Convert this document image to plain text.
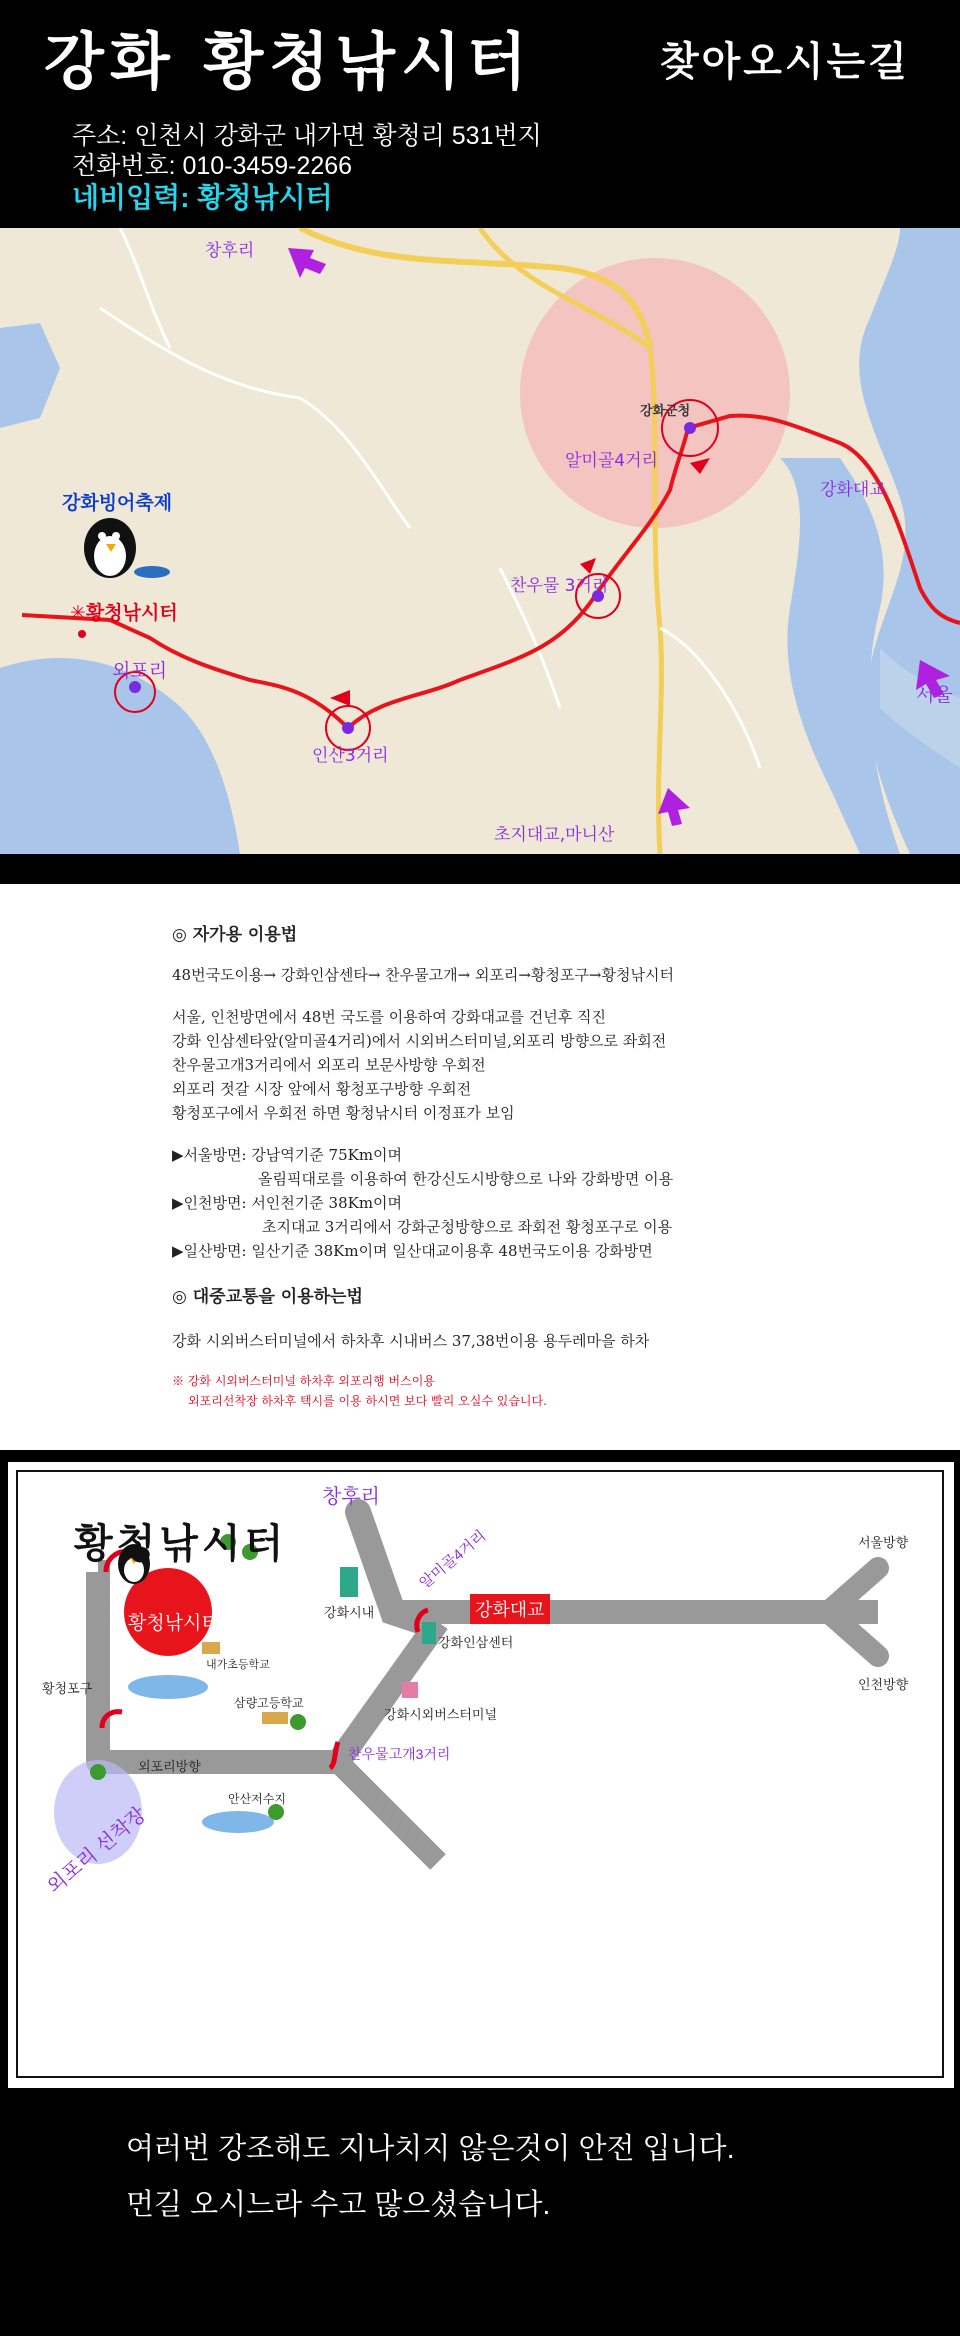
강화 황청낚시터	찾아오시는길
주소: 인천시 강화군 내가면 황청리 531번지
전화번호: 010-3459-2266
네비입력: 황청낚시터
창후리
강화빙어축제
✳황청낚시터
외포리
인산3거리
찬우물 3거리
알미골4거리
강화군청
강화대교
서울
초지대교,마니산
◎ 자가용 이용법
48번국도이용→ 강화인삼센타→ 찬우물고개→ 외포리→황청포구→황청낚시터
서울, 인천방면에서 48번 국도를 이용하여 강화대교를 건넌후 직진
강화 인삼센타앞(알미골4거리)에서 시외버스터미널,외포리 방향으로 좌회전
찬우물고개3거리에서 외포리 보문사방향 우회전
외포리 젓갈 시장 앞에서 황청포구방향 우회전
황청포구에서 우회전 하면 황청낚시터 이정표가 보임
▶서울방면: 강남역기준 75Km이며
올림픽대로를 이용하여 한강신도시방향으로 나와 강화방면 이용
▶인천방면: 서인천기준 38Km이며
초지대교 3거리에서 강화군청방향으로 좌회전 황청포구로 이용
▶일산방면: 일산기준 38Km이며 일산대교이용후 48번국도이용 강화방면
◎ 대중교통을 이용하는법
강화 시외버스터미널에서 하차후 시내버스 37,38번이용 용두레마을 하차
※ 강화 시외버스터미널 하차후 외포리행 버스이용
외포리선착장 하차후 택시를 이용 하시면 보다 빨리 오실수 있습니다.
황청낚시터
황청낚시터
창후리
강화시내
알미골4거리
강화대교
서울방향
인천방향
강화인삼센터
강화시외버스터미널
찬우물고개3거리
황청포구
내가초등학교
삼량고등학교
외포리방향
안산저수지
외포리 선착장
여러번 강조해도 지나치지 않은것이 안전 입니다.
먼길 오시느라 수고 많으셨습니다.
